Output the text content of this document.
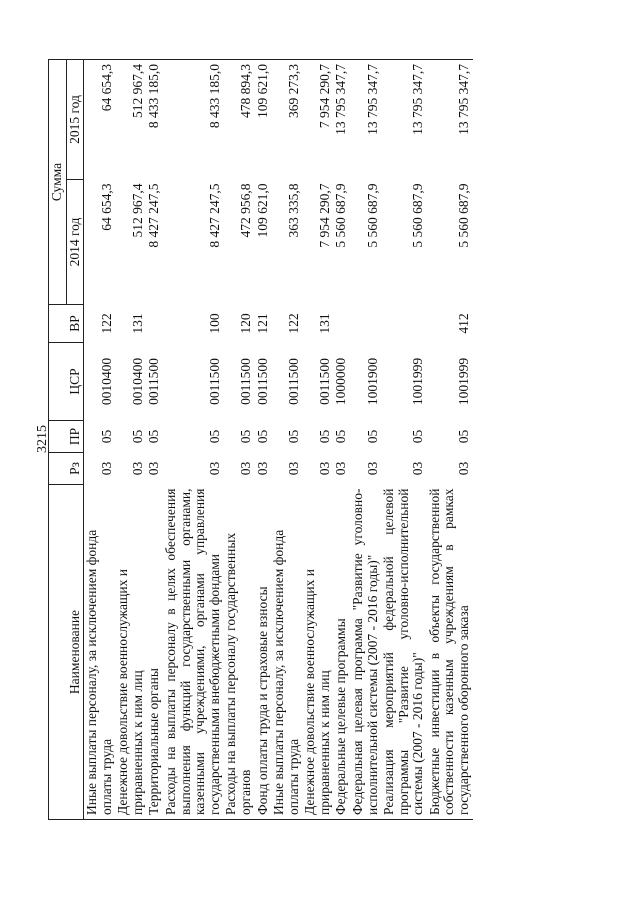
3215
Наименование	Рз	ПР	ЦСР	ВР	Сумма	
					2014 год	2015 год
Иные выплаты персоналу, за исключением фонда оплаты труда	03	05	0010400	122	64 654,3	64 654,3
Денежное довольствие военнослужащих и приравненных к ним лиц	03	05	0010400	131	512 967,4	512 967,4
Территориальные органы	03	05	0011500		8 427 247,5	8 433 185,0
Расходы на выплаты персоналу в целях обеспечения выполнения функций государственными органами, казенными учреждениями, органами управления государственными внебюджетными фондами	03	05	0011500	100	8 427 247,5	8 433 185,0
Расходы на выплаты персоналу государственных органов	03	05	0011500	120	472 956,8	478 894,3
Фонд оплаты труда и страховые взносы	03	05	0011500	121	109 621,0	109 621,0
Иные выплаты персоналу, за исключением фонда оплаты труда	03	05	0011500	122	363 335,8	369 273,3
Денежное довольствие военнослужащих и приравненных к ним лиц	03	05	0011500	131	7 954 290,7	7 954 290,7
Федеральные целевые программы	03	05	1000000		5 560 687,9	13 795 347,7
Федеральная целевая программа "Развитие уголовно-исполнительной системы (2007 - 2016 годы)"	03	05	1001900		5 560 687,9	13 795 347,7
Реализация мероприятий федеральной целевой программы "Развитие уголовно-исполнительной системы (2007 - 2016 годы)"	03	05	1001999		5 560 687,9	13 795 347,7
Бюджетные инвестиции в объекты государственной собственности казенным учреждениям в рамках государственного оборонного заказа	03	05	1001999	412	5 560 687,9	13 795 347,7
